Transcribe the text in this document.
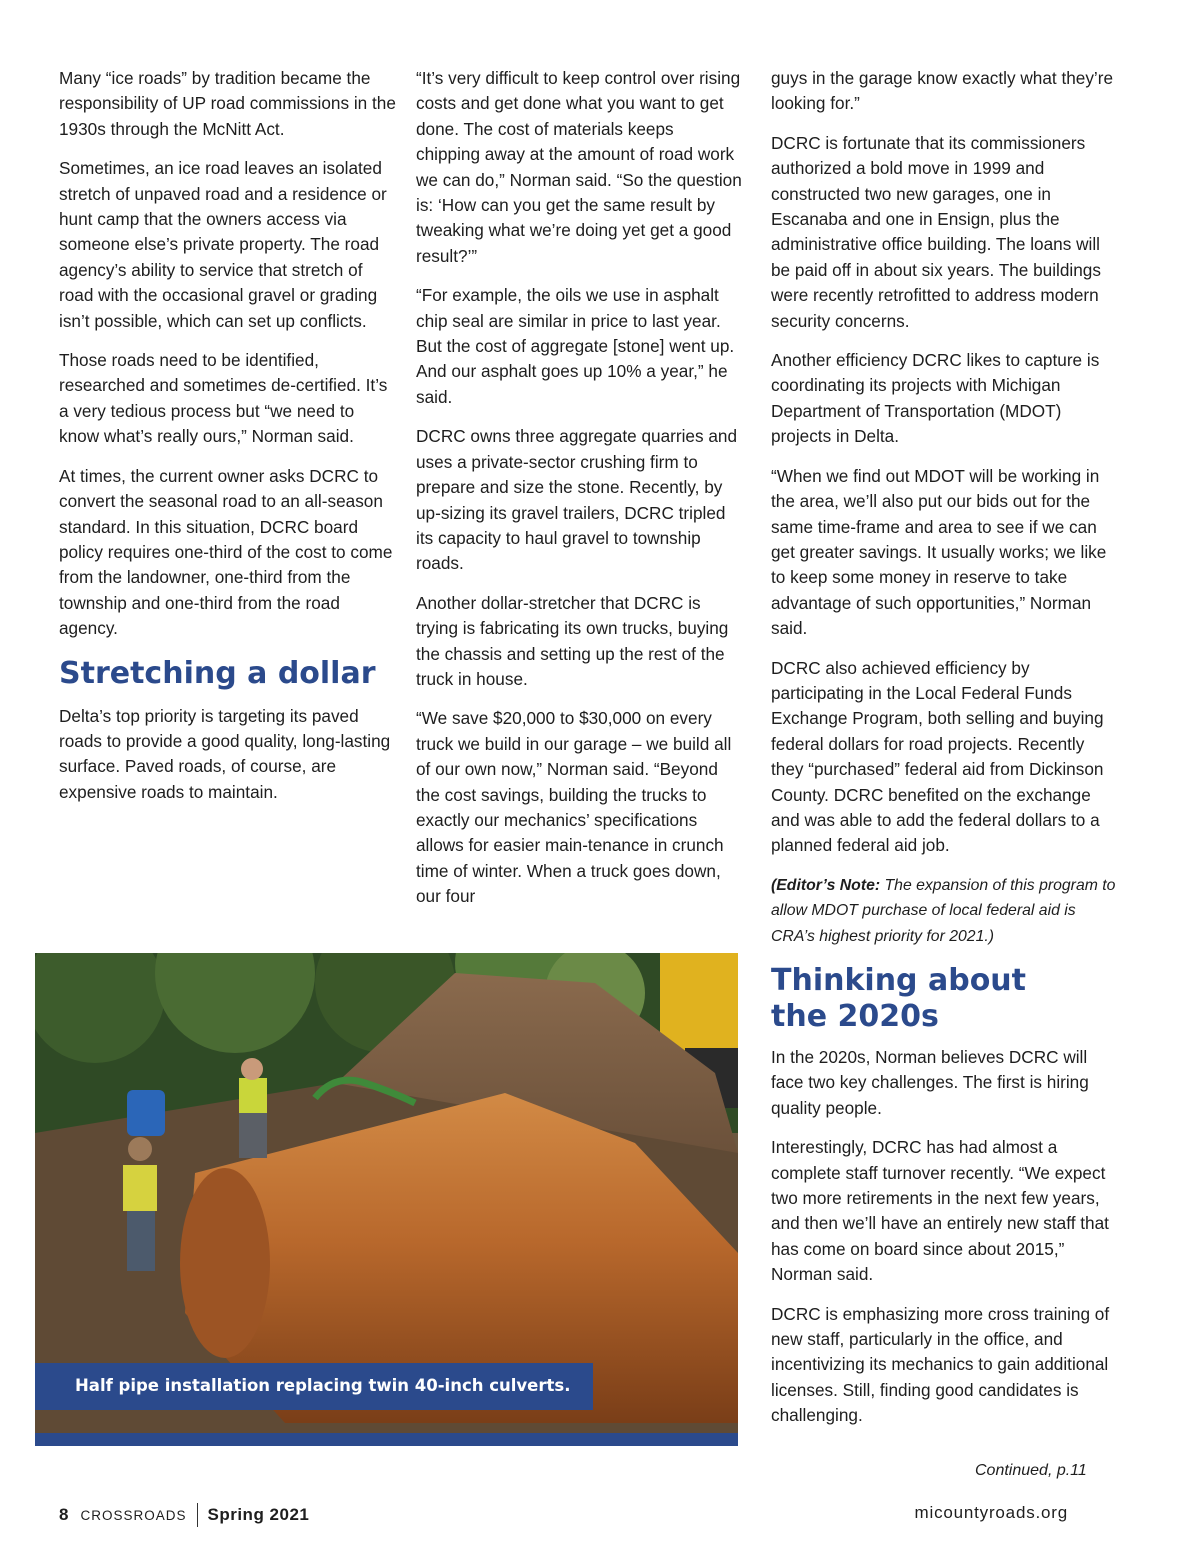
Many “ice roads” by tradition became the responsibility of UP road commissions in the 1930s through the McNitt Act.

Sometimes, an ice road leaves an isolated stretch of unpaved road and a residence or hunt camp that the owners access via someone else’s private property. The road agency’s ability to service that stretch of road with the occasional gravel or grading isn’t possible, which can set up conflicts.

Those roads need to be identified, researched and sometimes de-certified. It’s a very tedious process but “we need to know what’s really ours,” Norman said.

At times, the current owner asks DCRC to convert the seasonal road to an all-season standard. In this situation, DCRC board policy requires one-third of the cost to come from the landowner, one-third from the township and one-third from the road agency.

Stretching a dollar

Delta’s top priority is targeting its paved roads to provide a good quality, long-lasting surface. Paved roads, of course, are expensive roads to maintain.

“It’s very difficult to keep control over rising costs and get done what you want to get done. The cost of materials keeps chipping away at the amount of road work we can do,” Norman said. “So the question is: ‘How can you get the same result by tweaking what we’re doing yet get a good result?’”

“For example, the oils we use in asphalt chip seal are similar in price to last year. But the cost of aggregate [stone] went up. And our asphalt goes up 10% a year,” he said.

DCRC owns three aggregate quarries and uses a private-sector crushing firm to prepare and size the stone. Recently, by up-sizing its gravel trailers, DCRC tripled its capacity to haul gravel to township roads.

Another dollar-stretcher that DCRC is trying is fabricating its own trucks, buying the chassis and setting up the rest of the truck in house.

“We save $20,000 to $30,000 on every truck we build in our garage – we build all of our own now,” Norman said. “Beyond the cost savings, building the trucks to exactly our mechanics’ specifications allows for easier main-tenance in crunch time of winter. When a truck goes down, our four

guys in the garage know exactly what they’re looking for.”

DCRC is fortunate that its commissioners authorized a bold move in 1999 and constructed two new garages, one in Escanaba and one in Ensign, plus the administrative office building. The loans will be paid off in about six years. The buildings were recently retrofitted to address modern security concerns.

Another efficiency DCRC likes to capture is coordinating its projects with Michigan Department of Transportation (MDOT) projects in Delta.

“When we find out MDOT will be working in the area, we’ll also put our bids out for the same time-frame and area to see if we can get greater savings. It usually works; we like to keep some money in reserve to take advantage of such opportunities,” Norman said.

DCRC also achieved efficiency by participating in the Local Federal Funds Exchange Program, both selling and buying federal dollars for road projects. Recently they “purchased” federal aid from Dickinson County. DCRC benefited on the exchange and was able to add the federal dollars to a planned federal aid job.

(Editor’s Note: The expansion of this program to allow MDOT purchase of local federal aid is CRA’s highest priority for 2021.)

Thinking about
the 2020s

In the 2020s, Norman believes DCRC will face two key challenges. The first is hiring quality people.

Interestingly, DCRC has had almost a complete staff turnover recently. “We expect two more retirements in the next few years, and then we’ll have an entirely new staff that has come on board since about 2015,” Norman said.

DCRC is emphasizing more cross training of new staff, particularly in the office, and incentivizing its mechanics to gain additional licenses. Still, finding good candidates is challenging.

Half pipe installation replacing twin 40-inch culverts.
Continued, p.11
8 CROSSROADS Spring 2021	micountyroads.org
